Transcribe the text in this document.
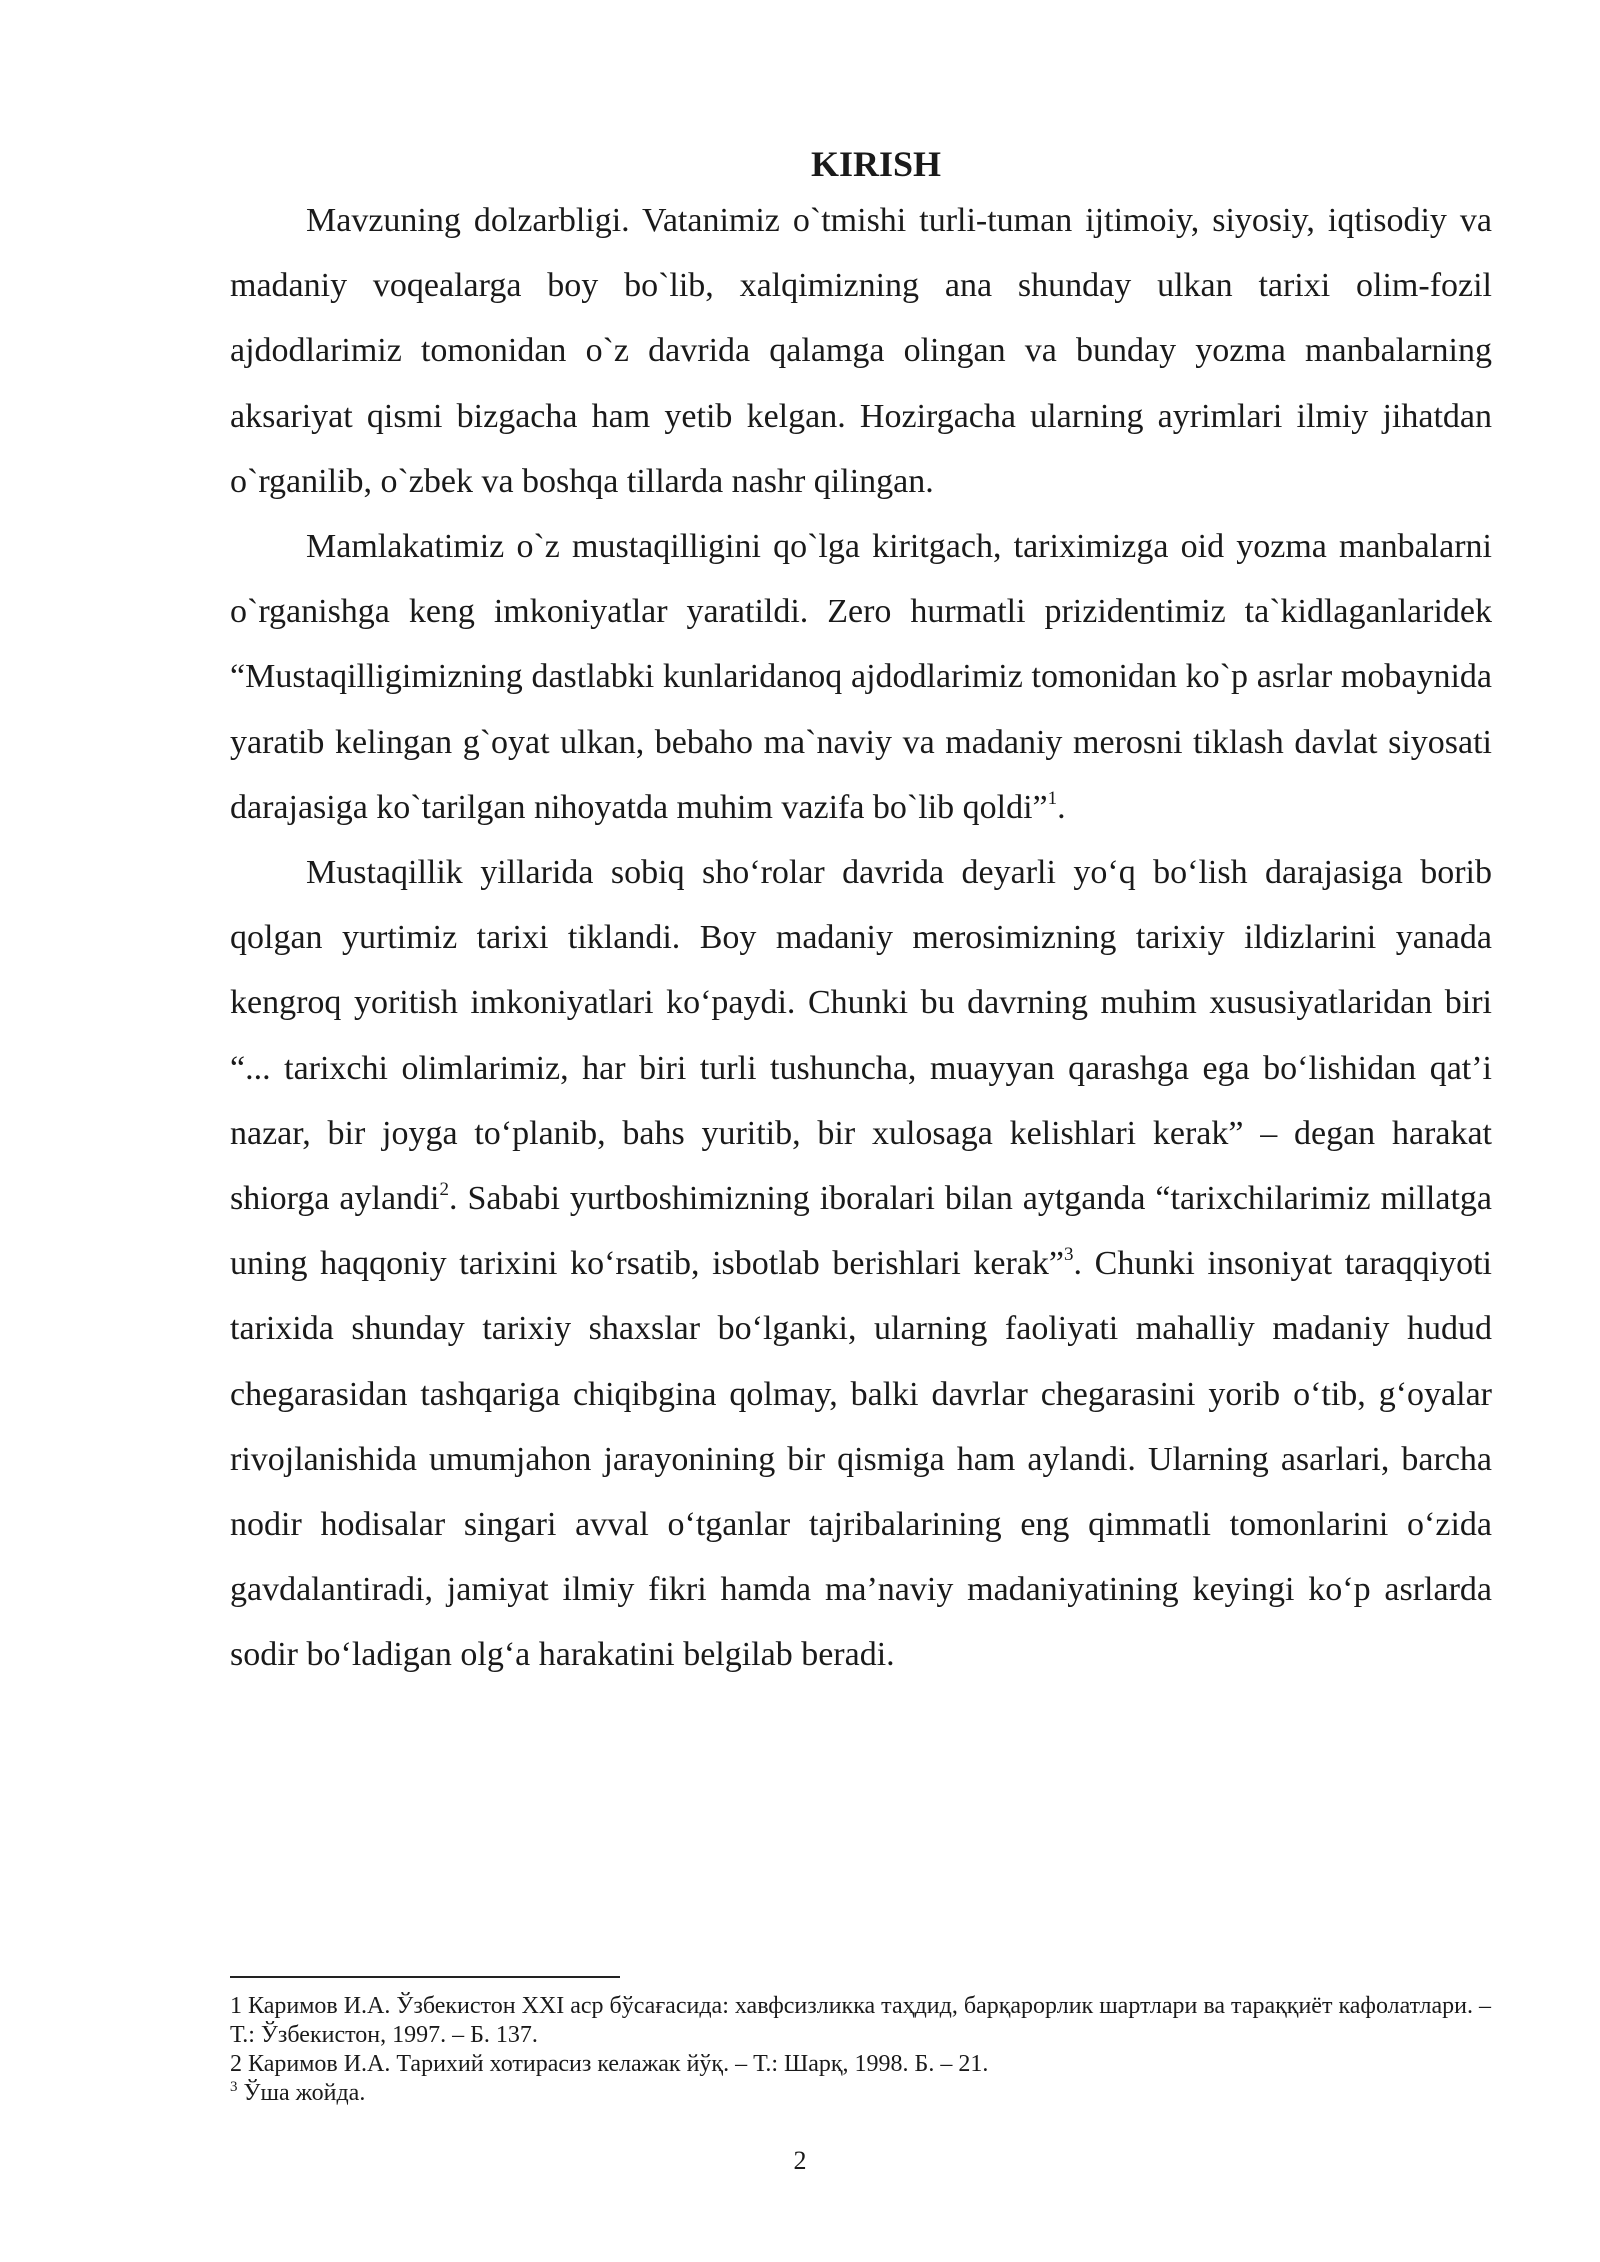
KIRISH

Mavzuning dolzarbligi. Vatanimiz o`tmishi turli-tuman ijtimoiy, siyosiy, iqtisodiy va madaniy voqealarga boy bo`lib, xalqimizning ana shunday ulkan tarixi olim-fozil ajdodlarimiz tomonidan o`z davrida qalamga olingan va bunday yozma manbalarning aksariyat qismi bizgacha ham yetib kelgan. Hozirgacha ularning ayrimlari ilmiy jihatdan o`rganilib, o`zbek va boshqa tillarda nashr qilingan.

Mamlakatimiz o`z mustaqilligini qo`lga kiritgach, tariximizga oid yozma manbalarni o`rganishga keng imkoniyatlar yaratildi. Zero hurmatli prizidentimiz ta`kidlaganlaridek “Mustaqilligimizning dastlabki kunlaridanoq ajdodlarimiz tomonidan ko`p asrlar mobaynida yaratib kelingan g`oyat ulkan, bebaho ma`naviy va madaniy merosni tiklash davlat siyosati darajasiga ko`tarilgan nihoyatda muhim vazifa bo`lib qoldi”$^1$.

Mustaqillik yillarida sobiq sho‘rolar davrida deyarli yo‘q bo‘lish darajasiga borib qolgan yurtimiz tarixi tiklandi. Boy madaniy merosimizning tarixiy ildizlarini yanada kengroq yoritish imkoniyatlari ko‘paydi. Chunki bu davrning muhim xususiyatlaridan biri “... tarixchi olimlarimiz, har biri turli tushuncha, muayyan qarashga ega bo‘lishidan qat’i nazar, bir joyga to‘planib, bahs yuritib, bir xulosaga kelishlari kerak” – degan harakat shiorga aylandi$^2$. Sababi yurtboshimizning iboralari bilan aytganda “tarixchilarimiz millatga uning haqqoniy tarixini ko‘rsatib, isbotlab berishlari kerak”$^3$. Chunki insoniyat taraqqiyoti tarixida shunday tarixiy shaxslar bo‘lganki, ularning faoliyati mahalliy madaniy hudud chegarasidan tashqariga chiqibgina qolmay, balki davrlar chegarasini yorib o‘tib, g‘oyalar rivojlanishida umumjahon jarayonining bir qismiga ham aylandi. Ularning asarlari, barcha nodir hodisalar singari avval o‘tganlar tajribalarining eng qimmatli tomonlarini o‘zida gavdalantiradi, jamiyat ilmiy fikri hamda ma’naviy madaniyatining keyingi ko‘p asrlarda sodir bo‘ladigan olg‘a harakatini belgilab beradi.

1 Каримов И.А. Ўзбекистон XXI аср бўсағасида: хавфсизликка таҳдид, барқарорлик шартлари ва тараққиёт кафолатлари. – Т.: Ўзбекистон, 1997. – Б. 137.

2 Каримов И.А. Тарихий хотирасиз келажак йўқ. – Т.: Шарқ, 1998. Б. – 21.

$^3$ Ўша жойда.

2
